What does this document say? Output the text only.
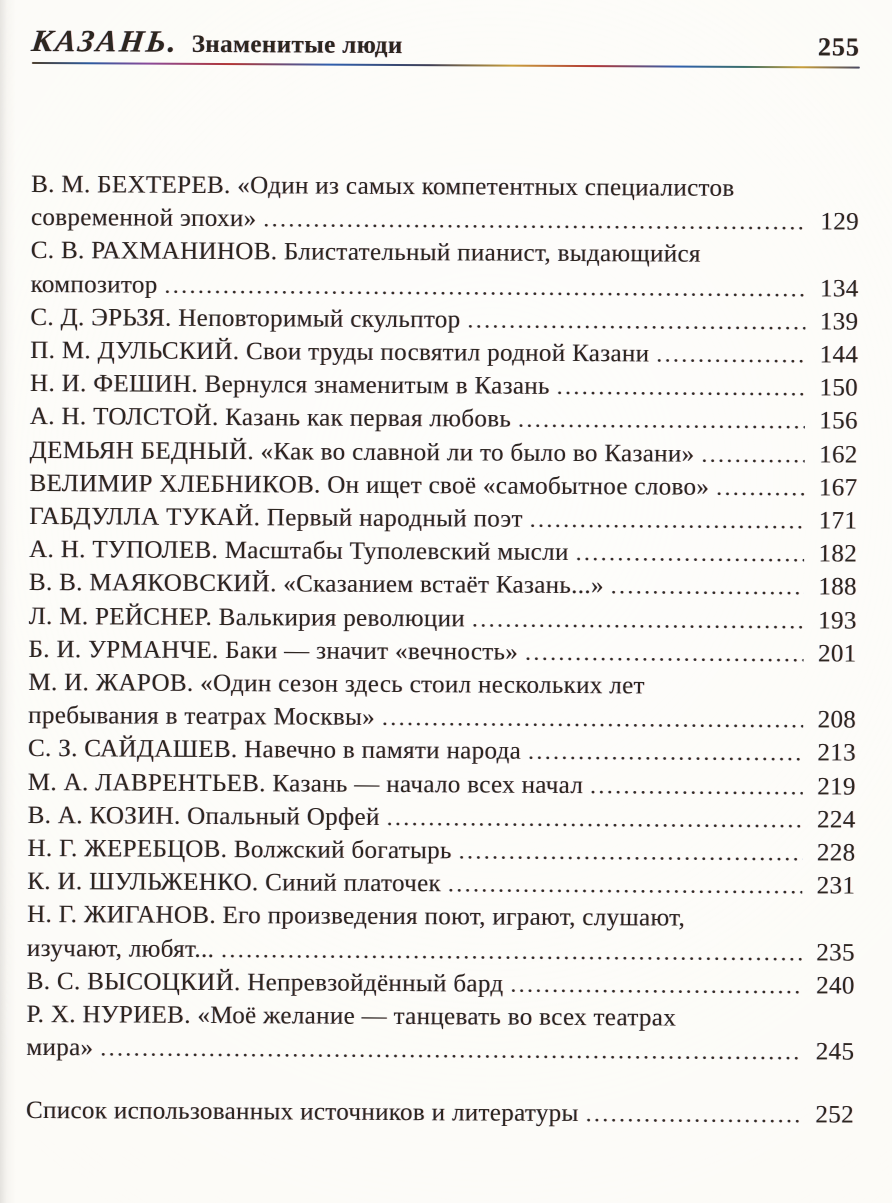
КАЗАНЬ. Знаменитые люди	255
В. М. БЕХТЕРЕВ. «Один из самых компетентных специалистов
современной эпохи» .....	129
С. В. РАХМАНИНОВ. Блистательный пианист, выдающийся
композитор .....	134
С. Д. ЭРЬЗЯ. Неповторимый скульптор .....	139
П. М. ДУЛЬСКИЙ. Свои труды посвятил родной Казани .....	144
Н. И. ФЕШИН. Вернулся знаменитым в Казань .....	150
А. Н. ТОЛСТОЙ. Казань как первая любовь .....	156
ДЕМЬЯН БЕДНЫЙ. «Как во славной ли то было во Казани» .....	162
ВЕЛИМИР ХЛЕБНИКОВ. Он ищет своё «самобытное слово» .....	167
ГАБДУЛЛА ТУКАЙ. Первый народный поэт .....	171
А. Н. ТУПОЛЕВ. Масштабы Туполевский мысли .....	182
В. В. МАЯКОВСКИЙ. «Сказанием встаёт Казань...» .....	188
Л. М. РЕЙСНЕР. Валькирия революции .....	193
Б. И. УРМАНЧЕ. Баки — значит «вечность» .....	201
М. И. ЖАРОВ. «Один сезон здесь стоил нескольких лет
пребывания в театрах Москвы» .....	208
С. З. САЙДАШЕВ. Навечно в памяти народа .....	213
М. А. ЛАВРЕНТЬЕВ. Казань — начало всех начал .....	219
В. А. КОЗИН. Опальный Орфей .....	224
Н. Г. ЖЕРЕБЦОВ. Волжский богатырь .....	228
К. И. ШУЛЬЖЕНКО. Синий платочек .....	231
Н. Г. ЖИГАНОВ. Его произведения поют, играют, слушают,
изучают, любят... .....	235
В. С. ВЫСОЦКИЙ. Непревзойдённый бард .....	240
Р. Х. НУРИЕВ. «Моё желание — танцевать во всех театрах
мира» .....	245
Список использованных источников и литературы .....	252
